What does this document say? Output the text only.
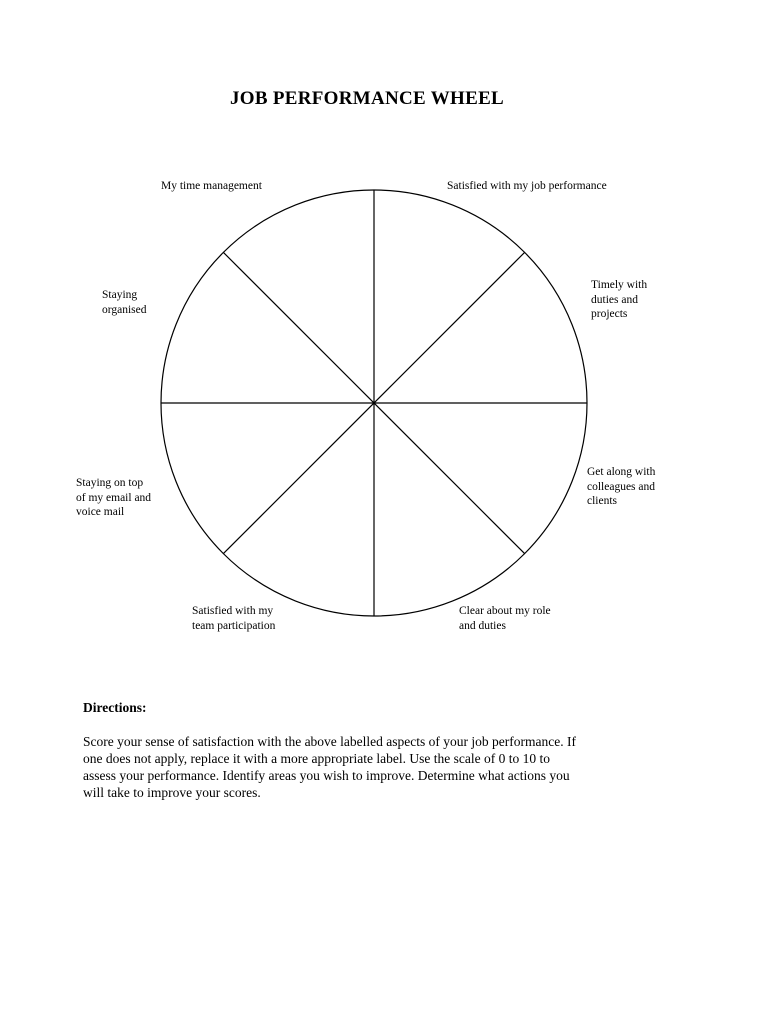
JOB PERFORMANCE WHEEL
My time management	Satisfied with my job performance
Timely with
duties and
projects
Staying
organised
Get along with
colleagues and
clients
Staying on top
of my email and
voice mail
Satisfied with my
team participation
Clear about my role
and duties
Directions:
Score your sense of satisfaction with the above labelled aspects of your job performance. If
one does not apply, replace it with a more appropriate label. Use the scale of 0 to 10 to
assess your performance. Identify areas you wish to improve. Determine what actions you
will take to improve your scores.
